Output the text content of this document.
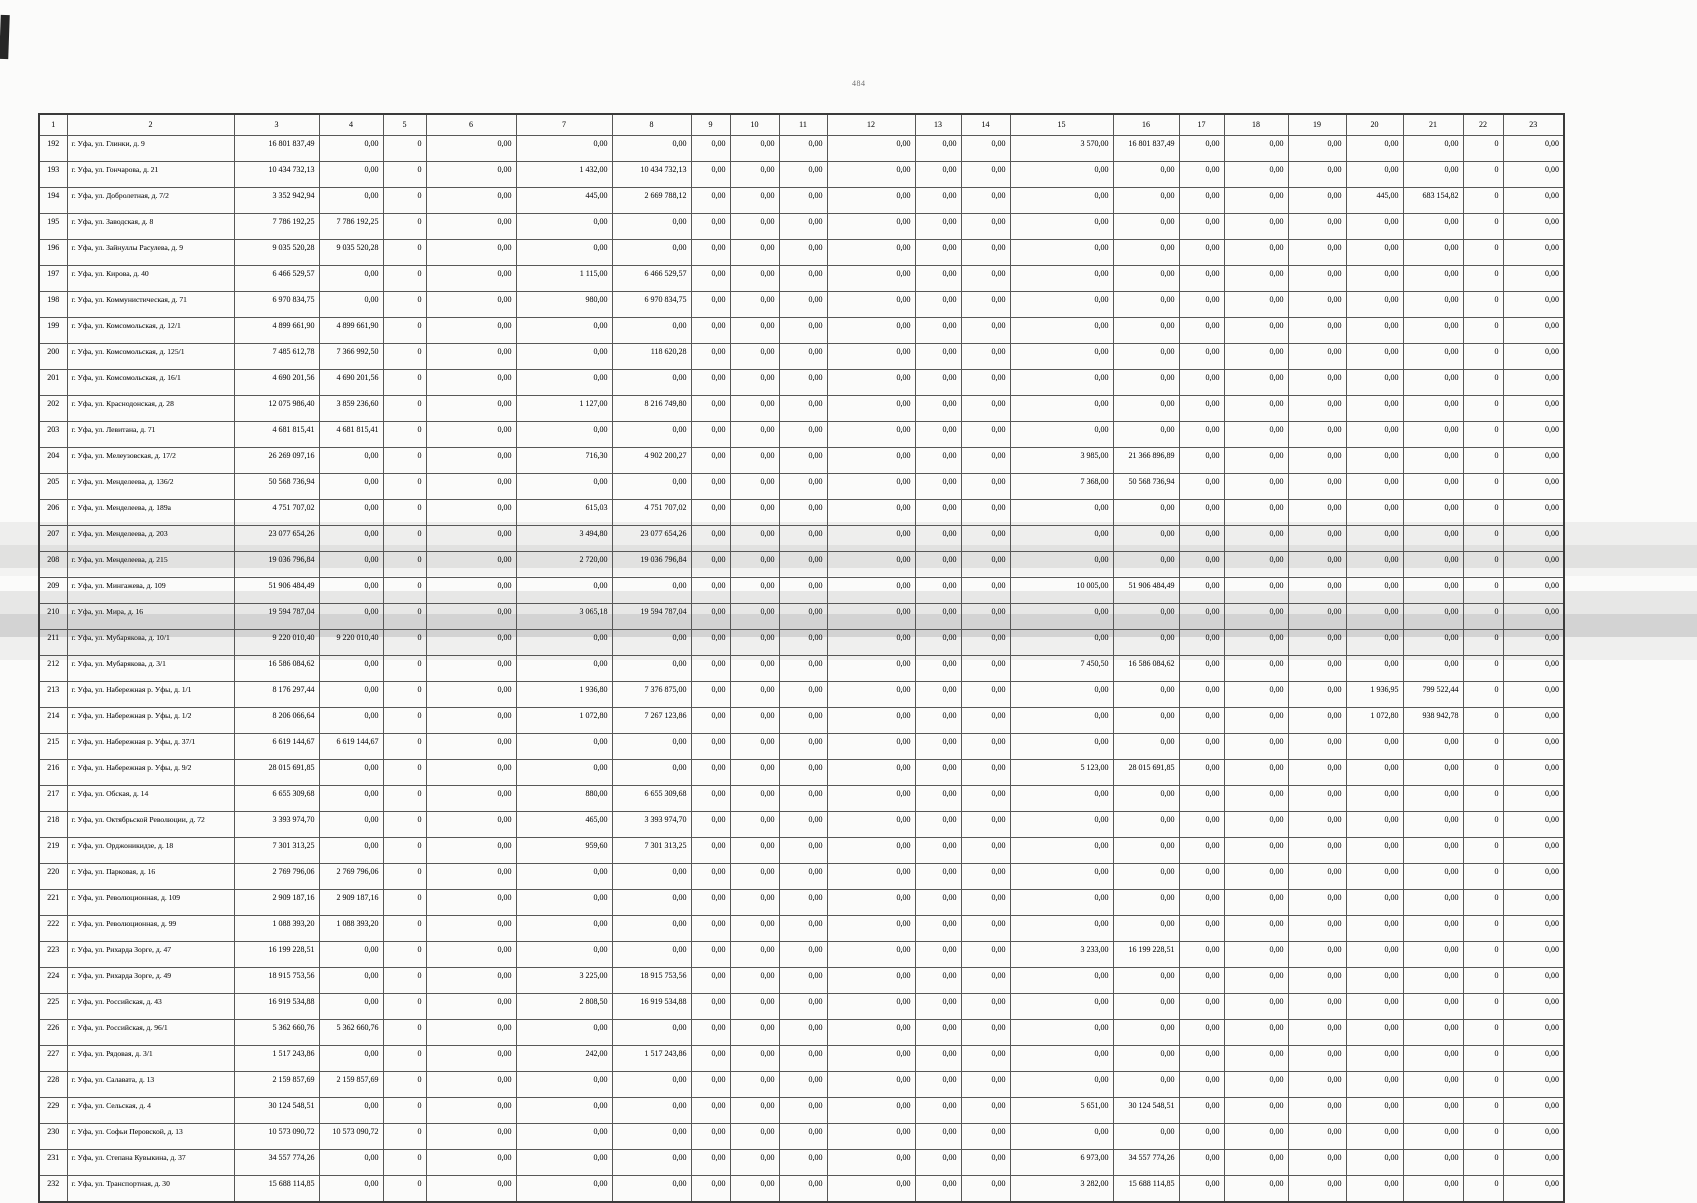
484
1	2	3	4	5	6	7	8	9	10	11	12	13	14	15	16	17	18	19	20	21	22	23
192	г. Уфа, ул. Глинки, д. 9	16 801 837,49	0,00	0	0,00	0,00	0,00	0,00	0,00	0,00	0,00	0,00	0,00	3 570,00	16 801 837,49	0,00	0,00	0,00	0,00	0,00	0	0,00
193	г. Уфа, ул. Гончарова, д. 21	10 434 732,13	0,00	0	0,00	1 432,00	10 434 732,13	0,00	0,00	0,00	0,00	0,00	0,00	0,00	0,00	0,00	0,00	0,00	0,00	0,00	0	0,00
194	г. Уфа, ул. Добролетная, д. 7/2	3 352 942,94	0,00	0	0,00	445,00	2 669 788,12	0,00	0,00	0,00	0,00	0,00	0,00	0,00	0,00	0,00	0,00	0,00	445,00	683 154,82	0	0,00
195	г. Уфа, ул. Заводская, д. 8	7 786 192,25	7 786 192,25	0	0,00	0,00	0,00	0,00	0,00	0,00	0,00	0,00	0,00	0,00	0,00	0,00	0,00	0,00	0,00	0,00	0	0,00
196	г. Уфа, ул. Зайнуллы Расулева, д. 9	9 035 520,28	9 035 520,28	0	0,00	0,00	0,00	0,00	0,00	0,00	0,00	0,00	0,00	0,00	0,00	0,00	0,00	0,00	0,00	0,00	0	0,00
197	г. Уфа, ул. Кирова, д. 40	6 466 529,57	0,00	0	0,00	1 115,00	6 466 529,57	0,00	0,00	0,00	0,00	0,00	0,00	0,00	0,00	0,00	0,00	0,00	0,00	0,00	0	0,00
198	г. Уфа, ул. Коммунистическая, д. 71	6 970 834,75	0,00	0	0,00	980,00	6 970 834,75	0,00	0,00	0,00	0,00	0,00	0,00	0,00	0,00	0,00	0,00	0,00	0,00	0,00	0	0,00
199	г. Уфа, ул. Комсомольская, д. 12/1	4 899 661,90	4 899 661,90	0	0,00	0,00	0,00	0,00	0,00	0,00	0,00	0,00	0,00	0,00	0,00	0,00	0,00	0,00	0,00	0,00	0	0,00
200	г. Уфа, ул. Комсомольская, д. 125/1	7 485 612,78	7 366 992,50	0	0,00	0,00	118 620,28	0,00	0,00	0,00	0,00	0,00	0,00	0,00	0,00	0,00	0,00	0,00	0,00	0,00	0	0,00
201	г. Уфа, ул. Комсомольская, д. 16/1	4 690 201,56	4 690 201,56	0	0,00	0,00	0,00	0,00	0,00	0,00	0,00	0,00	0,00	0,00	0,00	0,00	0,00	0,00	0,00	0,00	0	0,00
202	г. Уфа, ул. Краснодонская, д. 28	12 075 986,40	3 859 236,60	0	0,00	1 127,00	8 216 749,80	0,00	0,00	0,00	0,00	0,00	0,00	0,00	0,00	0,00	0,00	0,00	0,00	0,00	0	0,00
203	г. Уфа, ул. Левитана, д. 71	4 681 815,41	4 681 815,41	0	0,00	0,00	0,00	0,00	0,00	0,00	0,00	0,00	0,00	0,00	0,00	0,00	0,00	0,00	0,00	0,00	0	0,00
204	г. Уфа, ул. Мелеузовская, д. 17/2	26 269 097,16	0,00	0	0,00	716,30	4 902 200,27	0,00	0,00	0,00	0,00	0,00	0,00	3 985,00	21 366 896,89	0,00	0,00	0,00	0,00	0,00	0	0,00
205	г. Уфа, ул. Менделеева, д. 136/2	50 568 736,94	0,00	0	0,00	0,00	0,00	0,00	0,00	0,00	0,00	0,00	0,00	7 368,00	50 568 736,94	0,00	0,00	0,00	0,00	0,00	0	0,00
206	г. Уфа, ул. Менделеева, д. 189а	4 751 707,02	0,00	0	0,00	615,03	4 751 707,02	0,00	0,00	0,00	0,00	0,00	0,00	0,00	0,00	0,00	0,00	0,00	0,00	0,00	0	0,00
207	г. Уфа, ул. Менделеева, д. 203	23 077 654,26	0,00	0	0,00	3 494,80	23 077 654,26	0,00	0,00	0,00	0,00	0,00	0,00	0,00	0,00	0,00	0,00	0,00	0,00	0,00	0	0,00
208	г. Уфа, ул. Менделеева, д. 215	19 036 796,84	0,00	0	0,00	2 720,00	19 036 796,84	0,00	0,00	0,00	0,00	0,00	0,00	0,00	0,00	0,00	0,00	0,00	0,00	0,00	0	0,00
209	г. Уфа, ул. Мингажева, д. 109	51 906 484,49	0,00	0	0,00	0,00	0,00	0,00	0,00	0,00	0,00	0,00	0,00	10 005,00	51 906 484,49	0,00	0,00	0,00	0,00	0,00	0	0,00
210	г. Уфа, ул. Мира, д. 16	19 594 787,04	0,00	0	0,00	3 065,18	19 594 787,04	0,00	0,00	0,00	0,00	0,00	0,00	0,00	0,00	0,00	0,00	0,00	0,00	0,00	0	0,00
211	г. Уфа, ул. Мубарякова, д. 10/1	9 220 010,40	9 220 010,40	0	0,00	0,00	0,00	0,00	0,00	0,00	0,00	0,00	0,00	0,00	0,00	0,00	0,00	0,00	0,00	0,00	0	0,00
212	г. Уфа, ул. Мубарякова, д. 3/1	16 586 084,62	0,00	0	0,00	0,00	0,00	0,00	0,00	0,00	0,00	0,00	0,00	7 450,50	16 586 084,62	0,00	0,00	0,00	0,00	0,00	0	0,00
213	г. Уфа, ул. Набережная р. Уфы, д. 1/1	8 176 297,44	0,00	0	0,00	1 936,80	7 376 875,00	0,00	0,00	0,00	0,00	0,00	0,00	0,00	0,00	0,00	0,00	0,00	1 936,95	799 522,44	0	0,00
214	г. Уфа, ул. Набережная р. Уфы, д. 1/2	8 206 066,64	0,00	0	0,00	1 072,80	7 267 123,86	0,00	0,00	0,00	0,00	0,00	0,00	0,00	0,00	0,00	0,00	0,00	1 072,80	938 942,78	0	0,00
215	г. Уфа, ул. Набережная р. Уфы, д. 37/1	6 619 144,67	6 619 144,67	0	0,00	0,00	0,00	0,00	0,00	0,00	0,00	0,00	0,00	0,00	0,00	0,00	0,00	0,00	0,00	0,00	0	0,00
216	г. Уфа, ул. Набережная р. Уфы, д. 9/2	28 015 691,85	0,00	0	0,00	0,00	0,00	0,00	0,00	0,00	0,00	0,00	0,00	5 123,00	28 015 691,85	0,00	0,00	0,00	0,00	0,00	0	0,00
217	г. Уфа, ул. Обская, д. 14	6 655 309,68	0,00	0	0,00	880,00	6 655 309,68	0,00	0,00	0,00	0,00	0,00	0,00	0,00	0,00	0,00	0,00	0,00	0,00	0,00	0	0,00
218	г. Уфа, ул. Октябрьской Революции, д. 72	3 393 974,70	0,00	0	0,00	465,00	3 393 974,70	0,00	0,00	0,00	0,00	0,00	0,00	0,00	0,00	0,00	0,00	0,00	0,00	0,00	0	0,00
219	г. Уфа, ул. Орджоникидзе, д. 18	7 301 313,25	0,00	0	0,00	959,60	7 301 313,25	0,00	0,00	0,00	0,00	0,00	0,00	0,00	0,00	0,00	0,00	0,00	0,00	0,00	0	0,00
220	г. Уфа, ул. Парковая, д. 16	2 769 796,06	2 769 796,06	0	0,00	0,00	0,00	0,00	0,00	0,00	0,00	0,00	0,00	0,00	0,00	0,00	0,00	0,00	0,00	0,00	0	0,00
221	г. Уфа, ул. Революционная, д. 109	2 909 187,16	2 909 187,16	0	0,00	0,00	0,00	0,00	0,00	0,00	0,00	0,00	0,00	0,00	0,00	0,00	0,00	0,00	0,00	0,00	0	0,00
222	г. Уфа, ул. Революционная, д. 99	1 088 393,20	1 088 393,20	0	0,00	0,00	0,00	0,00	0,00	0,00	0,00	0,00	0,00	0,00	0,00	0,00	0,00	0,00	0,00	0,00	0	0,00
223	г. Уфа, ул. Рихарда Зорге, д. 47	16 199 228,51	0,00	0	0,00	0,00	0,00	0,00	0,00	0,00	0,00	0,00	0,00	3 233,00	16 199 228,51	0,00	0,00	0,00	0,00	0,00	0	0,00
224	г. Уфа, ул. Рихарда Зорге, д. 49	18 915 753,56	0,00	0	0,00	3 225,00	18 915 753,56	0,00	0,00	0,00	0,00	0,00	0,00	0,00	0,00	0,00	0,00	0,00	0,00	0,00	0	0,00
225	г. Уфа, ул. Российская, д. 43	16 919 534,88	0,00	0	0,00	2 808,50	16 919 534,88	0,00	0,00	0,00	0,00	0,00	0,00	0,00	0,00	0,00	0,00	0,00	0,00	0,00	0	0,00
226	г. Уфа, ул. Российская, д. 96/1	5 362 660,76	5 362 660,76	0	0,00	0,00	0,00	0,00	0,00	0,00	0,00	0,00	0,00	0,00	0,00	0,00	0,00	0,00	0,00	0,00	0	0,00
227	г. Уфа, ул. Рядовая, д. 3/1	1 517 243,86	0,00	0	0,00	242,00	1 517 243,86	0,00	0,00	0,00	0,00	0,00	0,00	0,00	0,00	0,00	0,00	0,00	0,00	0,00	0	0,00
228	г. Уфа, ул. Салавата, д. 13	2 159 857,69	2 159 857,69	0	0,00	0,00	0,00	0,00	0,00	0,00	0,00	0,00	0,00	0,00	0,00	0,00	0,00	0,00	0,00	0,00	0	0,00
229	г. Уфа, ул. Сельская, д. 4	30 124 548,51	0,00	0	0,00	0,00	0,00	0,00	0,00	0,00	0,00	0,00	0,00	5 651,00	30 124 548,51	0,00	0,00	0,00	0,00	0,00	0	0,00
230	г. Уфа, ул. Софьи Перовской, д. 13	10 573 090,72	10 573 090,72	0	0,00	0,00	0,00	0,00	0,00	0,00	0,00	0,00	0,00	0,00	0,00	0,00	0,00	0,00	0,00	0,00	0	0,00
231	г. Уфа, ул. Степана Кувыкина, д. 37	34 557 774,26	0,00	0	0,00	0,00	0,00	0,00	0,00	0,00	0,00	0,00	0,00	6 973,00	34 557 774,26	0,00	0,00	0,00	0,00	0,00	0	0,00
232	г. Уфа, ул. Транспортная, д. 30	15 688 114,85	0,00	0	0,00	0,00	0,00	0,00	0,00	0,00	0,00	0,00	0,00	3 282,00	15 688 114,85	0,00	0,00	0,00	0,00	0,00	0	0,00
